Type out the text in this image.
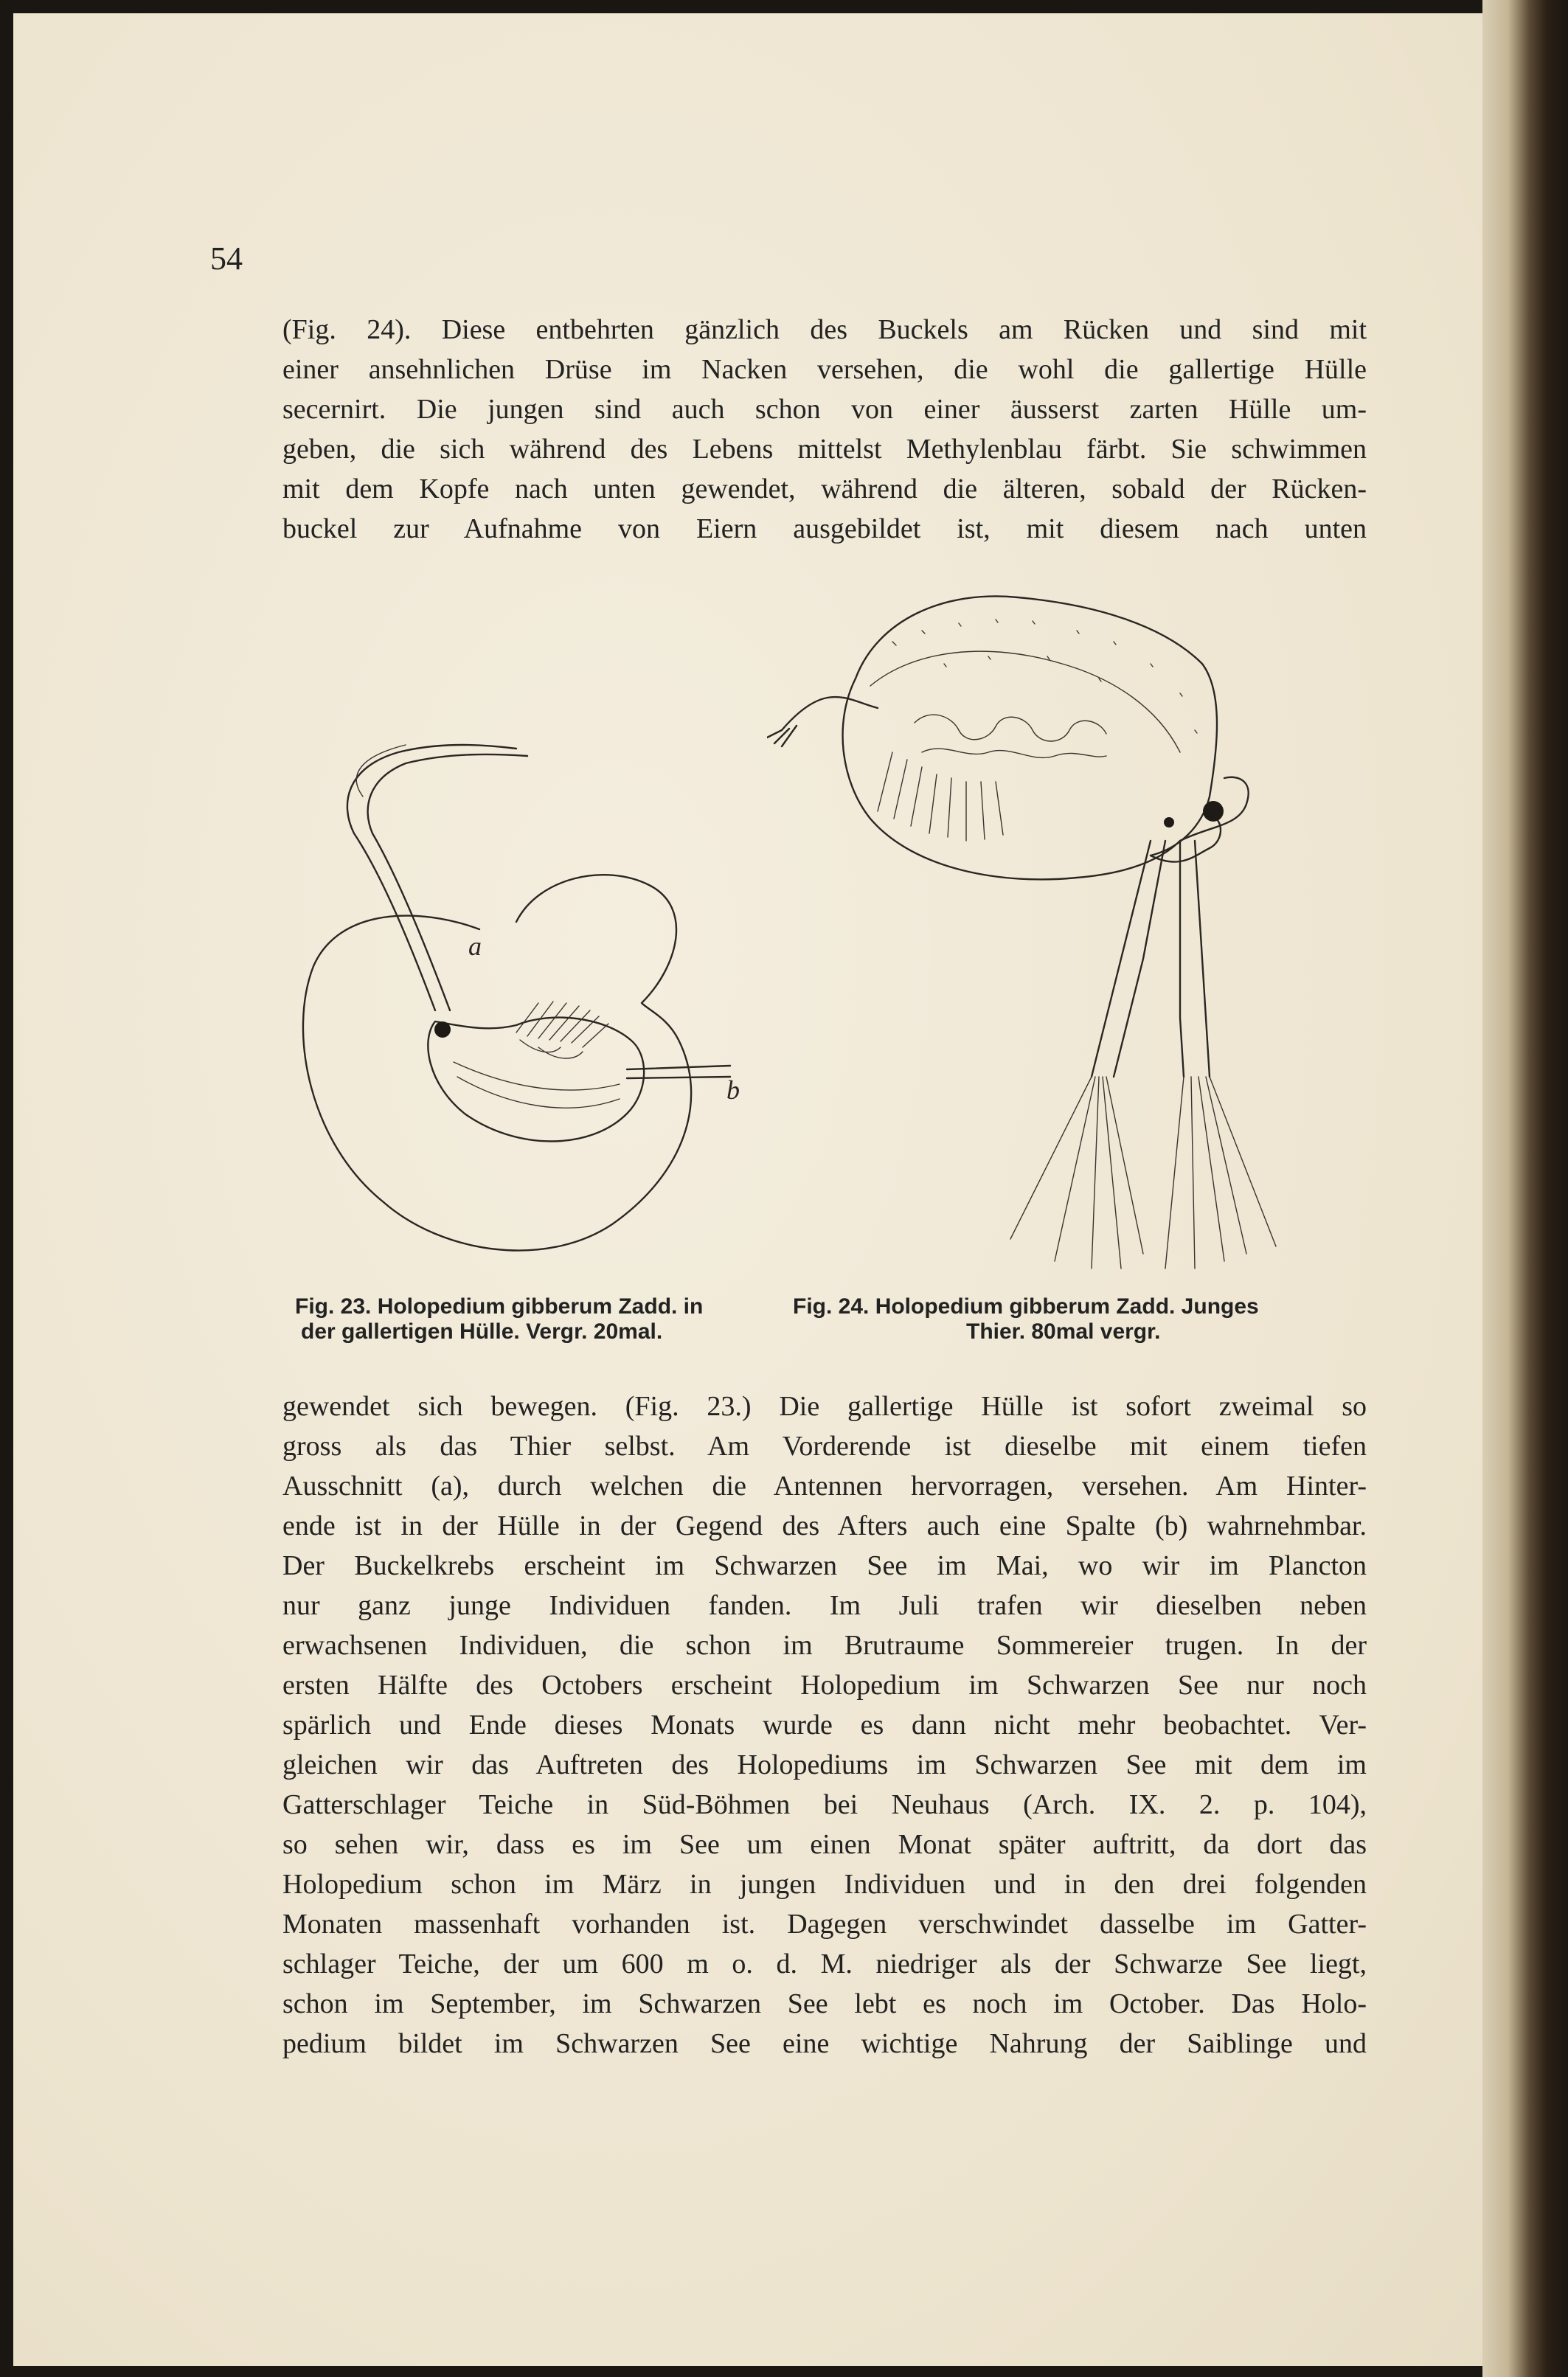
54
(Fig. 24). Diese entbehrten gänzlich des Buckels am Rücken und sind mit
einer ansehnlichen Drüse im Nacken versehen, die wohl die gallertige Hülle
secernirt. Die jungen sind auch schon von einer äusserst zarten Hülle um-
geben, die sich während des Lebens mittelst Methylenblau färbt. Sie schwimmen
mit dem Kopfe nach unten gewendet, während die älteren, sobald der Rücken-
buckel zur Aufnahme von Eiern ausgebildet ist, mit diesem nach unten
a
b
Fig. 23. Holopedium gibberum Zadd. in
der gallertigen Hülle. Vergr. 20mal.
Fig. 24. Holopedium gibberum Zadd. Junges
Thier. 80mal vergr.
gewendet sich bewegen. (Fig. 23.) Die gallertige Hülle ist sofort zweimal so
gross als das Thier selbst. Am Vorderende ist dieselbe mit einem tiefen
Ausschnitt (a), durch welchen die Antennen hervorragen, versehen. Am Hinter-
ende ist in der Hülle in der Gegend des Afters auch eine Spalte (b) wahrnehmbar.
Der Buckelkrebs erscheint im Schwarzen See im Mai, wo wir im Plancton
nur ganz junge Individuen fanden. Im Juli trafen wir dieselben neben
erwachsenen Individuen, die schon im Brutraume Sommereier trugen. In der
ersten Hälfte des Octobers erscheint Holopedium im Schwarzen See nur noch
spärlich und Ende dieses Monats wurde es dann nicht mehr beobachtet. Ver-
gleichen wir das Auftreten des Holopediums im Schwarzen See mit dem im
Gatterschlager Teiche in Süd-Böhmen bei Neuhaus (Arch. IX. 2. p. 104),
so sehen wir, dass es im See um einen Monat später auftritt, da dort das
Holopedium schon im März in jungen Individuen und in den drei folgenden
Monaten massenhaft vorhanden ist. Dagegen verschwindet dasselbe im Gatter-
schlager Teiche, der um 600 m o. d. M. niedriger als der Schwarze See liegt,
schon im September, im Schwarzen See lebt es noch im October. Das Holo-
pedium bildet im Schwarzen See eine wichtige Nahrung der Saiblinge und
